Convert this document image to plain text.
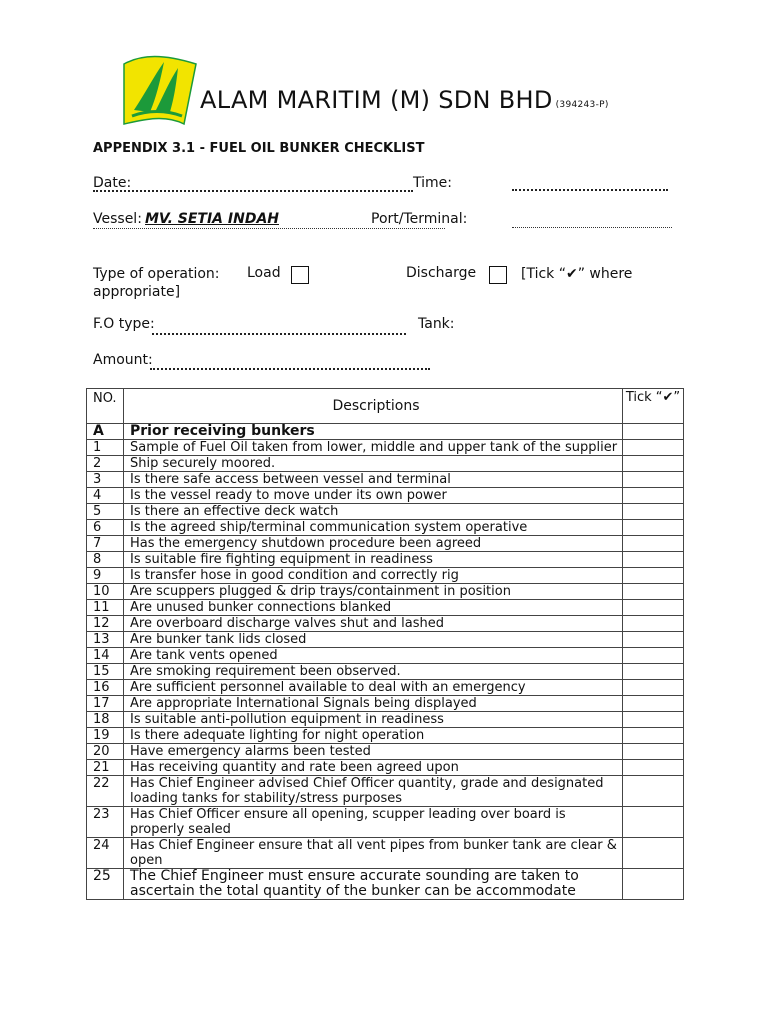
ALAM MARITIM (M) SDN BHD (394243-P)
APPENDIX 3.1 - FUEL OIL BUNKER CHECKLIST
Date:	Time:
Vessel: MV. SETIA INDAH	Port/Terminal:
Type of operation:	Load	Discharge	[Tick “✔” where appropriate]
F.O type:	Tank:
Amount:
NO.	Descriptions	Tick “✔”
A	Prior receiving bunkers	
1	Sample of Fuel Oil taken from lower, middle and upper tank of the supplier	
2	Ship securely moored.	
3	Is there safe access between vessel and terminal	
4	Is the vessel ready to move under its own power	
5	Is there an effective deck watch	
6	Is the agreed ship/terminal communication system operative	
7	Has the emergency shutdown procedure been agreed	
8	Is suitable fire fighting equipment in readiness	
9	Is transfer hose in good condition and correctly rig	
10	Are scuppers plugged & drip trays/containment in position	
11	Are unused bunker connections blanked	
12	Are overboard discharge valves shut and lashed	
13	Are bunker tank lids closed	
14	Are tank vents opened	
15	Are smoking requirement been observed.	
16	Are sufficient personnel available to deal with an emergency	
17	Are appropriate International Signals being displayed	
18	Is suitable anti-pollution equipment in readiness	
19	Is there adequate lighting for night operation	
20	Have emergency alarms been tested	
21	Has receiving quantity and rate been agreed upon	
22	Has Chief Engineer advised Chief Officer quantity, grade and designated loading tanks for stability/stress purposes	
23	Has Chief Officer ensure all opening, scupper leading over board is properly sealed	
24	Has Chief Engineer ensure that all vent pipes from bunker tank are clear & open	
25	The Chief Engineer must ensure accurate sounding are taken to ascertain the total quantity of the bunker can be accommodate	
